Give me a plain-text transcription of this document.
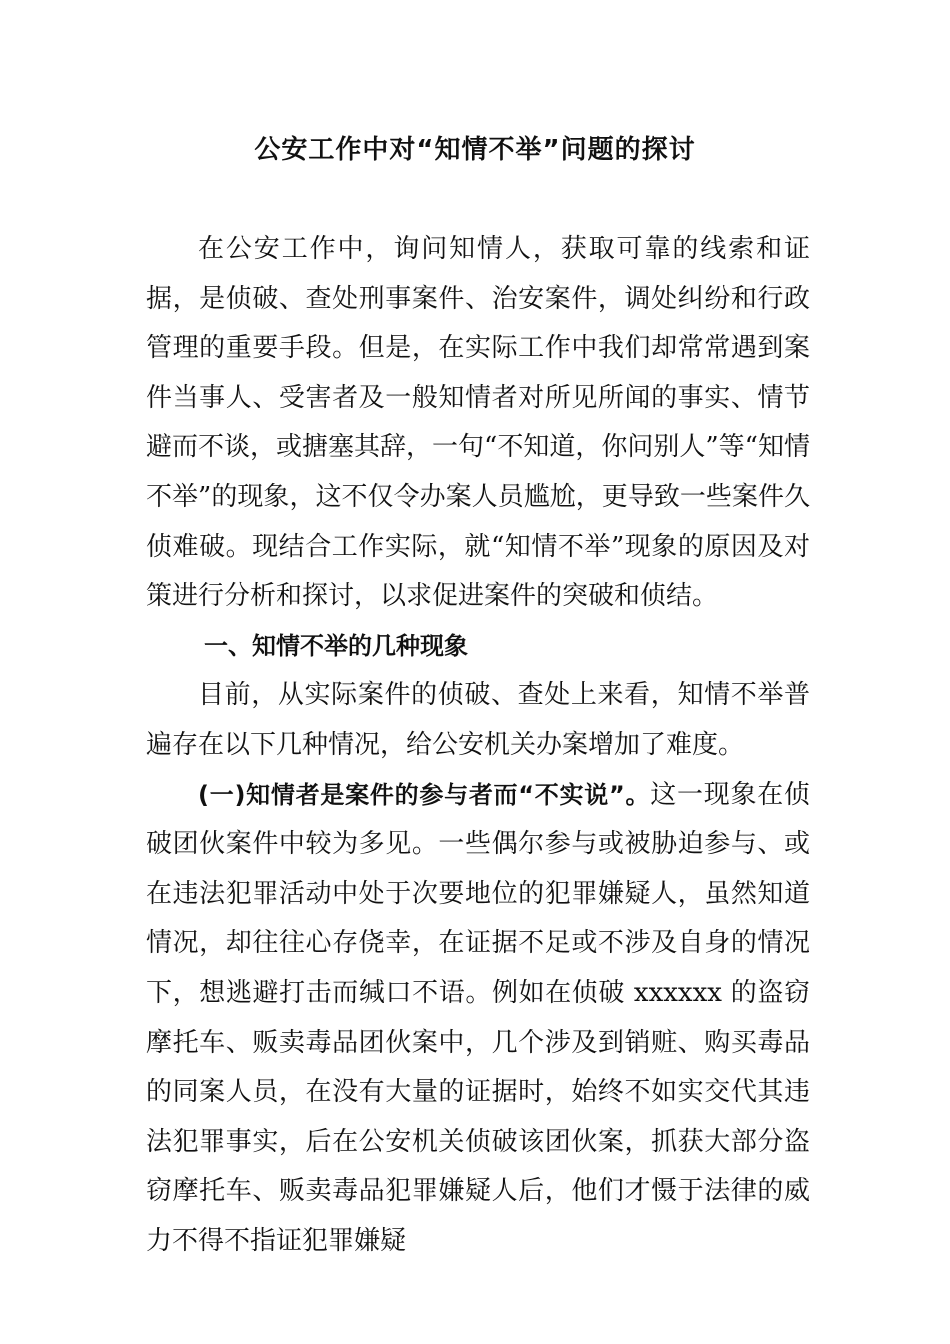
公安工作中对“知情不举”问题的探讨

在公安工作中，询问知情人，获取可靠的线索和证据，是侦破、查处刑事案件、治安案件，调处纠纷和行政管理的重要手段。但是，在实际工作中我们却常常遇到案件当事人、受害者及一般知情者对所见所闻的事实、情节避而不谈，或搪塞其辞，一句“不知道，你问别人”等“知情不举”的现象，这不仅令办案人员尴尬，更导致一些案件久侦难破。现结合工作实际，就“知情不举”现象的原因及对策进行分析和探讨，以求促进案件的突破和侦结。

一、知情不举的几种现象

目前，从实际案件的侦破、查处上来看，知情不举普遍存在以下几种情况，给公安机关办案增加了难度。

(一)知情者是案件的参与者而“不实说”。这一现象在侦破团伙案件中较为多见。一些偶尔参与或被胁迫参与、或在违法犯罪活动中处于次要地位的犯罪嫌疑人，虽然知道情况，却往往心存侥幸，在证据不足或不涉及自身的情况下，想逃避打击而缄口不语。例如在侦破 xxxxxx 的盗窃摩托车、贩卖毒品团伙案中，几个涉及到销赃、购买毒品的同案人员，在没有大量的证据时，始终不如实交代其违法犯罪事实，后在公安机关侦破该团伙案，抓获大部分盗窃摩托车、贩卖毒品犯罪嫌疑人后，他们才慑于法律的威力不得不指证犯罪嫌疑
